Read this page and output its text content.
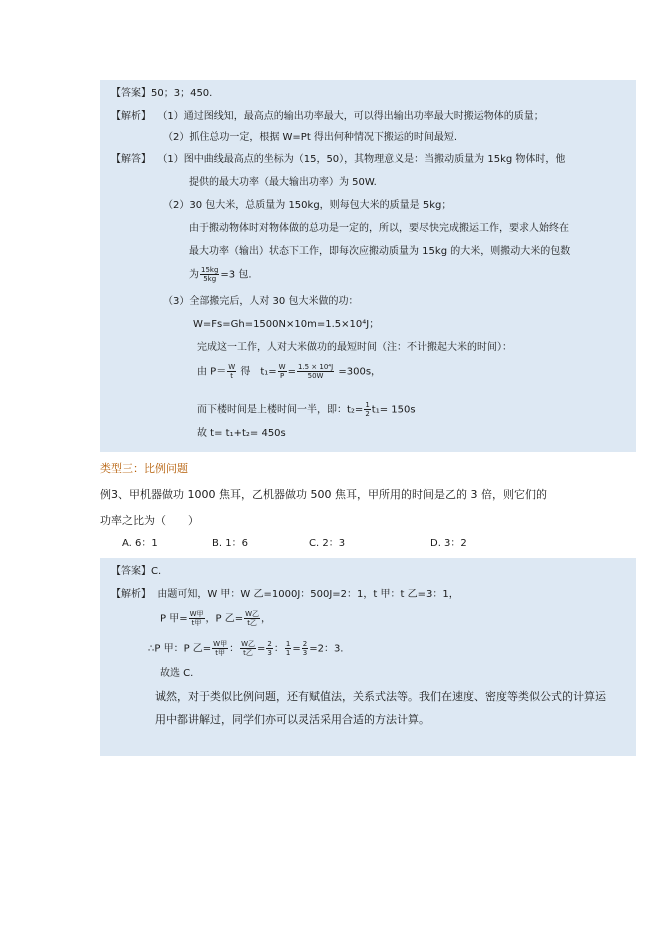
【答案】50；3；450.
【解析】 （1）通过图线知，最高点的输出功率最大，可以得出输出功率最大时搬运物体的质量；
（2）抓住总功一定，根据 W=Pt 得出何种情况下搬运的时间最短.
【解答】 （1）图中曲线最高点的坐标为（15，50），其物理意义是：当搬动质量为 15kg 物体时，他
提供的最大功率（最大输出功率）为 50W.
（2）30 包大米，总质量为 150kg，则每包大米的质量是 5kg；
由于搬动物体时对物体做的总功是一定的，所以，要尽快完成搬运工作，要求人始终在
最大功率（输出）状态下工作，即每次应搬动质量为 15kg 的大米，则搬动大米的包数
为 $\frac{15kg}{5kg} =3$ 包.
（3）全部搬完后，人对 30 包大米做的功：
W=Fs=Gh=1500N×10m=1.5×10⁴J；
完成这一工作，人对大米做功的最短时间（注：不计搬起大米的时间）：
由 $P= \frac{W}{t}$ 得　$t_1= \frac{W}{P} = \frac{\text{1.5 × 10⁴J}}{50W} =300s$，
而下楼时间是上楼时间一半，即：$t_2= \frac{1}{2} t_1= 150s$
故 t= t₁+t₂= 450s
类型三：比例问题
例3、甲机器做功 1000 焦耳，乙机器做功 500 焦耳，甲所用的时间是乙的 3 倍，则它们的
功率之比为（　　）
A. 6：1	B. 1：6	C. 2：3	D. 3：2
【答案】C.
【解析】 由题可知，W 甲：W 乙=1000J：500J=2：1，t 甲：t 乙=3：1，
P 甲= $\frac{\text{W甲}}{\text{t甲}}$ ，P 乙= $\frac{\text{W乙}}{\text{t乙}}$ ，
∴P 甲：P 乙= $\frac{\text{W甲}}{\text{t甲}}$ ： $\frac{\text{W乙}}{\text{t乙}} = \frac{2}{3}$ ： $\frac{1}{1} = \frac{2}{3} =2$：3.
故选 C.
诚然，对于类似比例问题，还有赋值法，关系式法等。我们在速度、密度等类似公式的计算运
用中都讲解过，同学们亦可以灵活采用合适的方法计算。
